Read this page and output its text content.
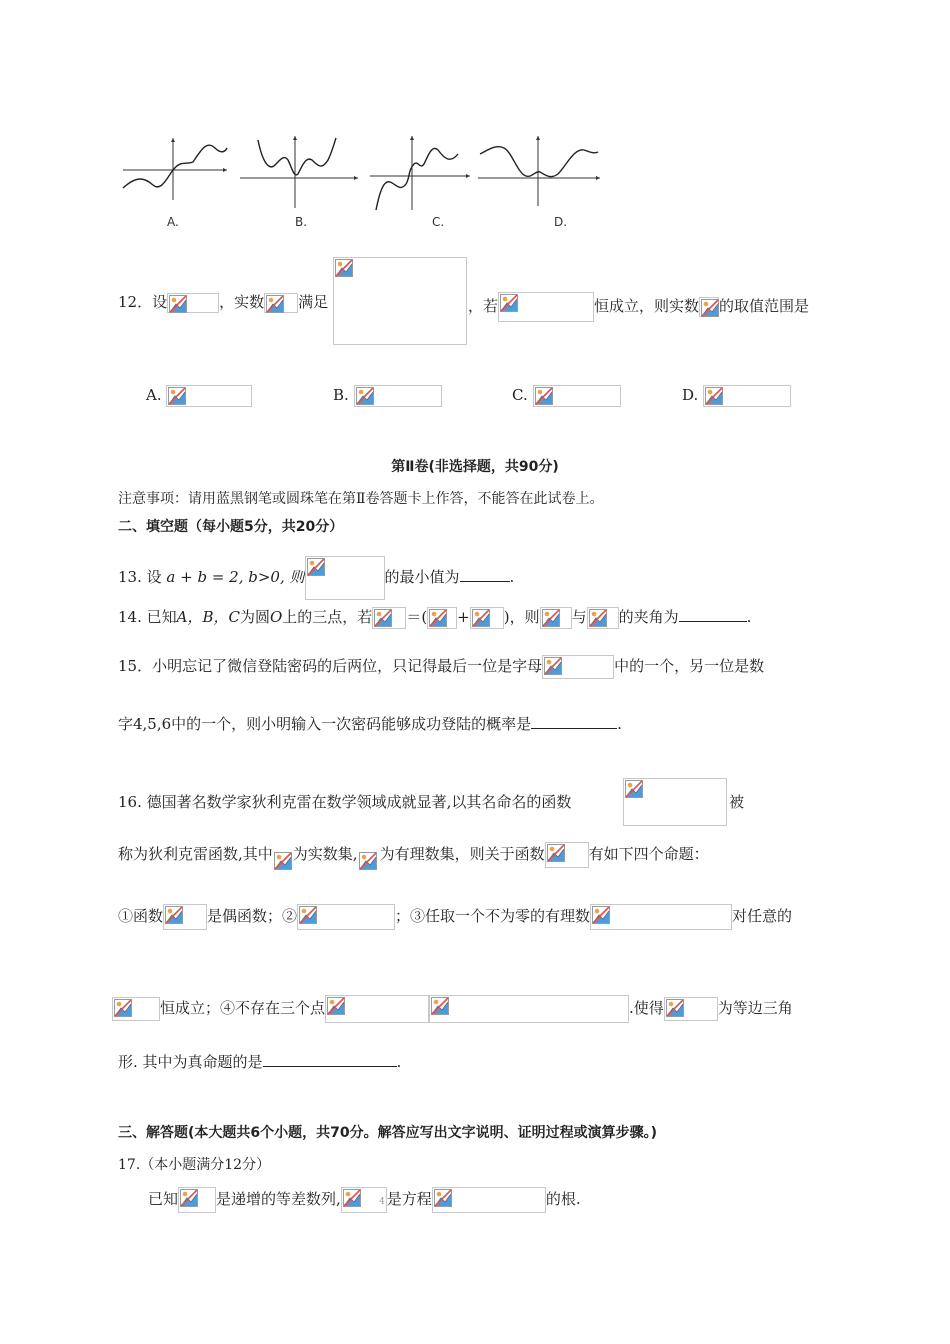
A.	B.	C.	D.
12．设	，实数 满足	，若	恒成立，则实数 的取值范围是
A.	B.	C.	D.
第Ⅱ卷(非选择题，共90分)
注意事项：请用蓝黑钢笔或圆珠笔在第Ⅱ卷答题卡上作答，不能答在此试卷上。
二、填空题（每小题5分，共20分）
13. 设 a + b = 2, b>0, 则	的最小值为	.
14. 已知A，B，C为圆O上的三点，若 ＝( + )，则 与 的夹角为	.
15．小明忘记了微信登陆密码的后两位，只记得最后一位是字母	中的一个，另一位是数
字4,5,6中的一个，则小明输入一次密码能够成功登陆的概率是	.
16. 德国著名数学家狄利克雷在数学领域成就显著,以其名命名的函数	被
称为狄利克雷函数,其中 为实数集, 为有理数集，则关于函数	有如下四个命题：
①函数	是偶函数；②	；③任取一个不为零的有理数	对任意的
恒成立；④不存在三个点	.使得	为等边三角
形. 其中为真命题的是	.
三、解答题(本大题共6个小题，共70分。解答应写出文字说明、证明过程或演算步骤。)
17.（本小题满分12分）
已知	是递增的等差数列,	4 是方程	的根.
